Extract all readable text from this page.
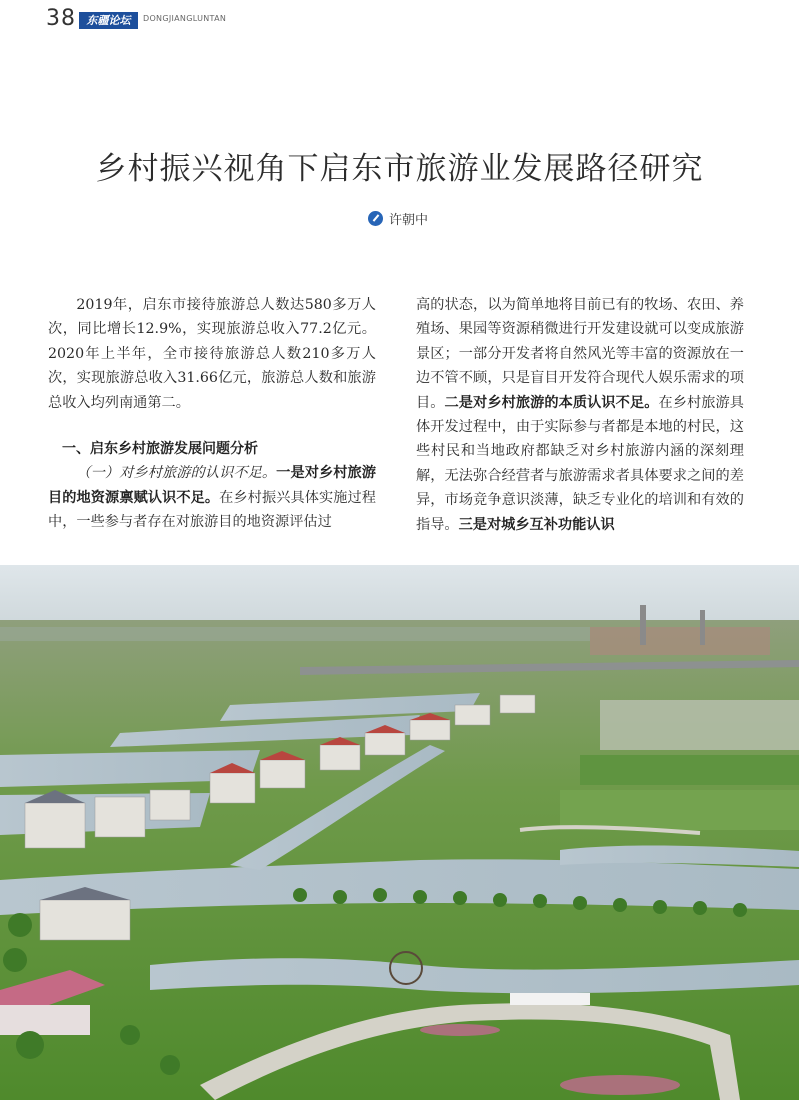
38 东疆论坛	DONGJIANGLUNTAN
乡村振兴视角下启东市旅游业发展路径研究
许朝中

2019年，启东市接待旅游总人数达580多万人次，同比增长12.9%，实现旅游总收入77.2亿元。2020年上半年，全市接待旅游总人数210多万人次，实现旅游总收入31.66亿元，旅游总人数和旅游总收入均列南通第二。

一、启东乡村旅游发展问题分析

（一）对乡村旅游的认识不足。一是对乡村旅游目的地资源禀赋认识不足。在乡村振兴具体实施过程中，一些参与者存在对旅游目的地资源评估过

高的状态，以为简单地将目前已有的牧场、农田、养殖场、果园等资源稍微进行开发建设就可以变成旅游景区；一部分开发者将自然风光等丰富的资源放在一边不管不顾，只是盲目开发符合现代人娱乐需求的项目。二是对乡村旅游的本质认识不足。在乡村旅游具体开发过程中，由于实际参与者都是本地的村民，这些村民和当地政府都缺乏对乡村旅游内涵的深刻理解，无法弥合经营者与旅游需求者具体要求之间的差异，市场竞争意识淡薄，缺乏专业化的培训和有效的指导。三是对城乡互补功能认识
